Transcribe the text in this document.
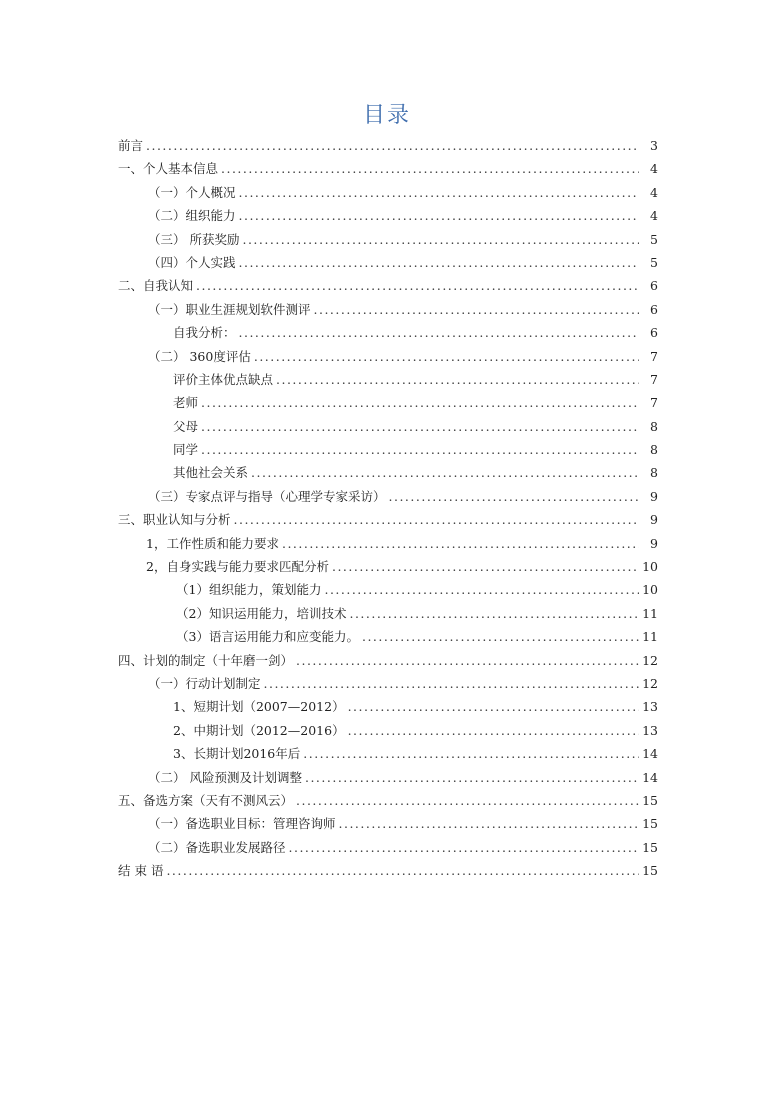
目录
前言 .....	3
一、个人基本信息 .....	4
（一）个人概况 .....	4
（二）组织能力 .....	4
（三） 所获奖励 .....	5
（四）个人实践 .....	5
二、自我认知 .....	6
（一）职业生涯规划软件测评 .....	6
自我分析： .....	6
（二） 360度评估 .....	7
评价主体优点缺点 .....	7
老师 .....	7
父母 .....	8
同学 .....	8
其他社会关系 .....	8
（三）专家点评与指导（心理学专家采访） .....	9
三、职业认知与分析 .....	9
1，工作性质和能力要求 .....	9
2，自身实践与能力要求匹配分析 .....	10
（1）组织能力，策划能力 .....	10
（2）知识运用能力，培训技术 .....	11
（3）语言运用能力和应变能力。 .....	11
四、计划的制定（十年磨一剑） .....	12
（一）行动计划制定 .....	12
1、短期计划（2007—2012） .....	13
2、中期计划（2012—2016） .....	13
3、长期计划2016年后 .....	14
（二） 风险预测及计划调整 .....	14
五、备选方案（天有不测风云） .....	15
（一）备选职业目标：管理咨询师 .....	15
（二）备选职业发展路径 .....	15
结 束 语 .....	15
